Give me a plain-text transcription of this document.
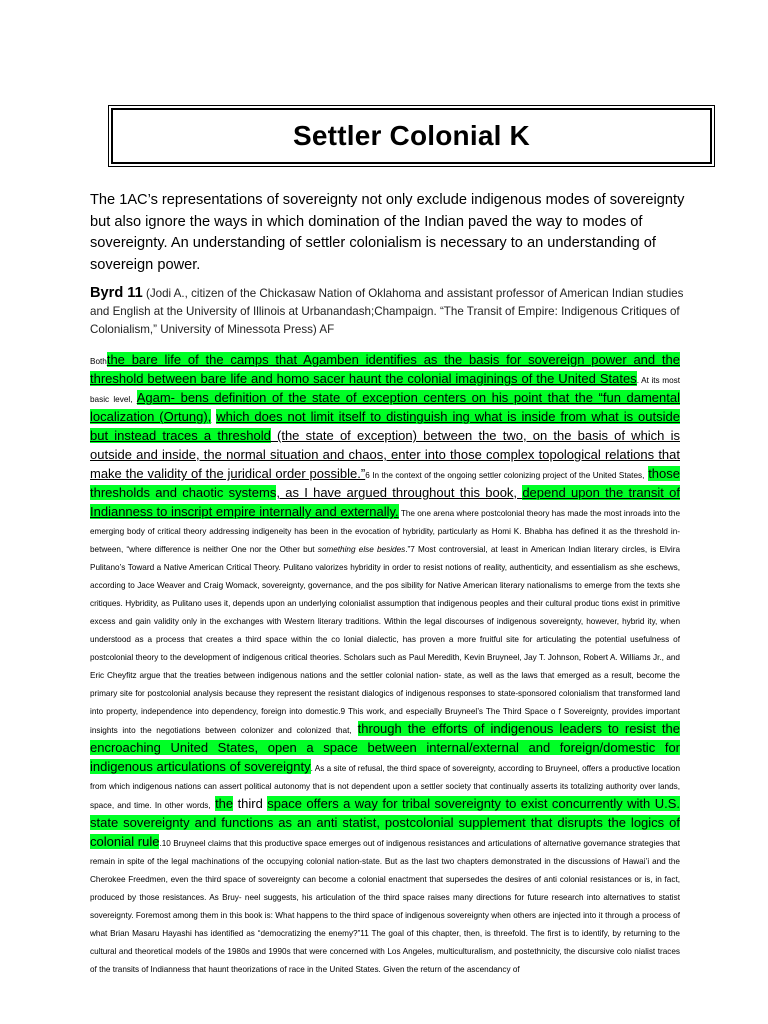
Settler Colonial K

The 1AC’s representations of sovereignty not only exclude indigenous modes of sovereignty but also ignore the ways in which domination of the Indian paved the way to modes of sovereignty. An understanding of settler colonialism is necessary to an understanding of sovereign power.

Byrd 11 (Jodi A., citizen of the Chickasaw Nation of Oklahoma and assistant professor of American Indian studies and English at the University of Illinois at Urbanandash;Champaign. “The Transit of Empire: Indigenous Critiques of Colonialism,” University of Minessota Press) AF

Boththe bare life of the camps that Agamben identifies as the basis for sovereign power and the threshold between bare life and homo sacer haunt the colonial imaginings of the United States. At its most basic level, Agam- bens definition of the state of exception centers on his point that the “fun damental localization (Ortung), which does not limit itself to distinguish ing what is inside from what is outside but instead traces a threshold (the state of exception) between the two, on the basis of which is outside and inside, the normal situation and chaos, enter into those complex topological relations that make the validity of the juridical order possible.”6 In the context of the ongoing settler colonizing project of the United States, those thresholds and chaotic systems, as I have argued throughout this book, depend upon the transit of Indianness to inscript empire internally and externally. The one arena where postcolonial theory has made the most inroads into the emerging body of critical theory addressing indigeneity has been in the evocation of hybridity, particularly as Homi K. Bhabha has defined it as the threshold in-between, “where difference is neither One nor the Other but something else besides.”7 Most controversial, at least in American Indian literary circles, is Elvira Pulitano’s Toward a Native American Critical Theory. Pulitano valorizes hybridity in order to resist notions of reality, authenticity, and essentialism as she eschews, according to Jace Weaver and Craig Womack, sovereignty, governance, and the pos sibility for Native American literary nationalisms to emerge from the texts she critiques. Hybridity, as Pulitano uses it, depends upon an underlying colonialist assumption that indigenous peoples and their cultural produc tions exist in primitive excess and gain validity only in the exchanges with Western literary traditions. Within the legal discourses of indigenous sovereignty, however, hybrid ity, when understood as a process that creates a third space within the co lonial dialectic, has proven a more fruitful site for articulating the potential usefulness of postcolonial theory to the development of indigenous critical theories. Scholars such as Paul Meredith, Kevin Bruyneel, Jay T. Johnson, Robert A. Williams Jr., and Eric Cheyfitz argue that the treaties between indigenous nations and the settler colonial nation- state, as well as the laws that emerged as a result, become the primary site for postcolonial analysis because they represent the resistant dialogics of indigenous responses to state-sponsored colonialism that transformed land into property, independence into dependency, foreign into domestic.9 This work, and especially Bruyneel’s The Third Space o f Sovereignty, provides important insights into the negotiations between colonizer and colonized that, through the efforts of indigenous leaders to resist the encroaching United States, open a space between internal/external and foreign/domestic for indigenous articulations of sovereignty. As a site of refusal, the third space of sovereignty, according to Bruyneel, offers a productive location from which indigenous nations can assert political autonomy that is not dependent upon a settler society that continually asserts its totalizing authority over lands, space, and time. In other words, the third space offers a way for tribal sovereignty to exist concurrently with U.S. state sovereignty and functions as an anti statist, postcolonial supplement that disrupts the logics of colonial rule.10 Bruyneel claims that this productive space emerges out of indigenous resistances and articulations of alternative governance strategies that remain in spite of the legal machinations of the occupying colonial nation-state. But as the last two chapters demonstrated in the discussions of Hawai’i and the Cherokee Freedmen, even the third space of sovereignty can become a colonial enactment that supersedes the desires of anti colonial resistances or is, in fact, produced by those resistances. As Bruy- neel suggests, his articulation of the third space raises many directions for future research into alternatives to statist sovereignty. Foremost among them in this book is: What happens to the third space of indigenous sovereignty when others are injected into it through a process of what Brian Masaru Hayashi has identified as “democratizing the enemy?”11 The goal of this chapter, then, is threefold. The first is to identify, by returning to the cultural and theoretical models of the 1980s and 1990s that were concerned with Los Angeles, multiculturalism, and postethnicity, the discursive colo nialist traces of the transits of Indianness that haunt theorizations of race in the United States. Given the return of the ascendancy of
